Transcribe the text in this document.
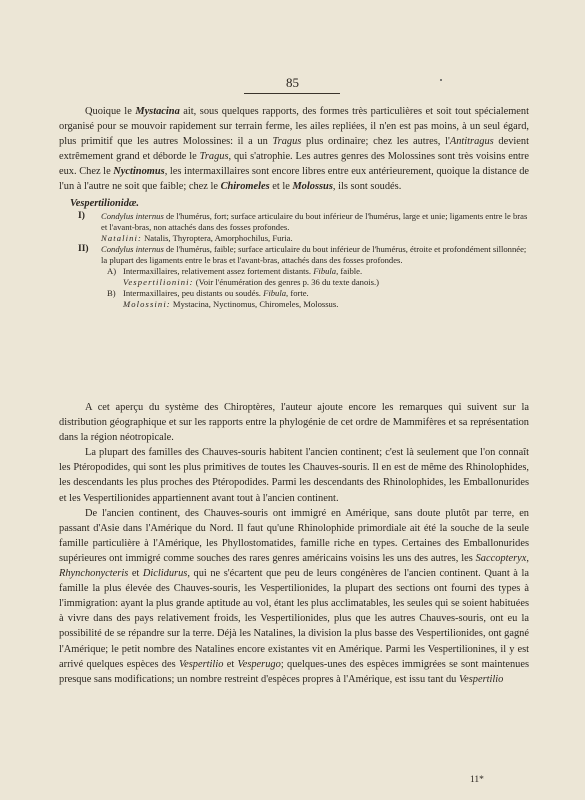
85

Quoique le Mystacina ait, sous quelques rapports, des formes très particulières et soit tout spécialement organisé pour se mouvoir rapidement sur terrain ferme, les ailes repliées, il n'en est pas moins, à un seul égard, plus primitif que les autres Molossines: il a un Tragus plus ordinaire; chez les autres, l'Antitragus devient extrêmement grand et déborde le Tragus, qui s'atrophie. Les autres genres des Molossines sont très voisins entre eux. Chez le Nyctinomus, les intermaxillaires sont encore libres entre eux antérieurement, quoique la distance de l'un à l'autre ne soit que faible; chez le Chiromeles et le Molossus, ils sont soudés.

Vespertilionidæ.
I)	Condylus internus de l'humérus, fort; surface articulaire du bout inférieur de l'humérus, large et unie; ligaments entre le bras et l'avant-bras, non attachés dans des fosses profondes.
Natalini: Natalis, Thyroptera, Amorphochilus, Furia.
II)	Condylus internus de l'humérus, faible; surface articulaire du bout inférieur de l'humérus, étroite et profondément sillonnée; la plupart des ligaments entre le bras et l'avant-bras, attachés dans des fosses profondes.
A) Intermaxillaires, relativement assez fortement distants. Fibula, faible.
Vespertilionini: (Voir l'énumération des genres p. 36 du texte danois.)
B) Intermaxillaires, peu distants ou soudés. Fibula, forte.
Molossini: Mystacina, Nyctinomus, Chiromeles, Molossus.

A cet aperçu du système des Chiroptères, l'auteur ajoute encore les remarques qui suivent sur la distribution géographique et sur les rapports entre la phylogénie de cet ordre de Mammifères et sa représentation dans la région néotropicale.

La plupart des familles des Chauves-souris habitent l'ancien continent; c'est là seulement que l'on connaît les Ptéropodides, qui sont les plus primitives de toutes les Chauves-souris. Il en est de même des Rhinolophides, les descendants les plus proches des Ptéropodides. Parmi les descendants des Rhinolophides, les Emballonurides et les Vespertilionides appartiennent avant tout à l'ancien continent.

De l'ancien continent, des Chauves-souris ont immigré en Amérique, sans doute plutôt par terre, en passant d'Asie dans l'Amérique du Nord. Il faut qu'une Rhinolophide primordiale ait été la souche de la seule famille particulière à l'Amérique, les Phyllostomatides, famille riche en types. Certaines des Emballonurides supérieures ont immigré comme souches des rares genres américains voisins les uns des autres, les Saccopteryx, Rhynchonycteris et Diclidurus, qui ne s'écartent que peu de leurs congénères de l'ancien continent. Quant à la famille la plus élevée des Chauves-souris, les Vespertilionides, la plupart des sections ont fourni des types à l'immigration: ayant la plus grande aptitude au vol, étant les plus acclimatables, les seules qui se soient habituées à vivre dans des pays relativement froids, les Vespertilionides, plus que les autres Chauves-souris, ont eu la possibilité de se répandre sur la terre. Déjà les Natalines, la division la plus basse des Vespertilionides, ont gagné l'Amérique; le petit nombre des Natalines encore existantes vit en Amérique. Parmi les Vespertilionines, il y est arrivé quelques espèces des Vespertilio et Vesperugo; quelques-unes des espèces immigrées se sont maintenues presque sans modifications; un nombre restreint d'espèces propres à l'Amérique, est issu tant du Vespertilio

11*
